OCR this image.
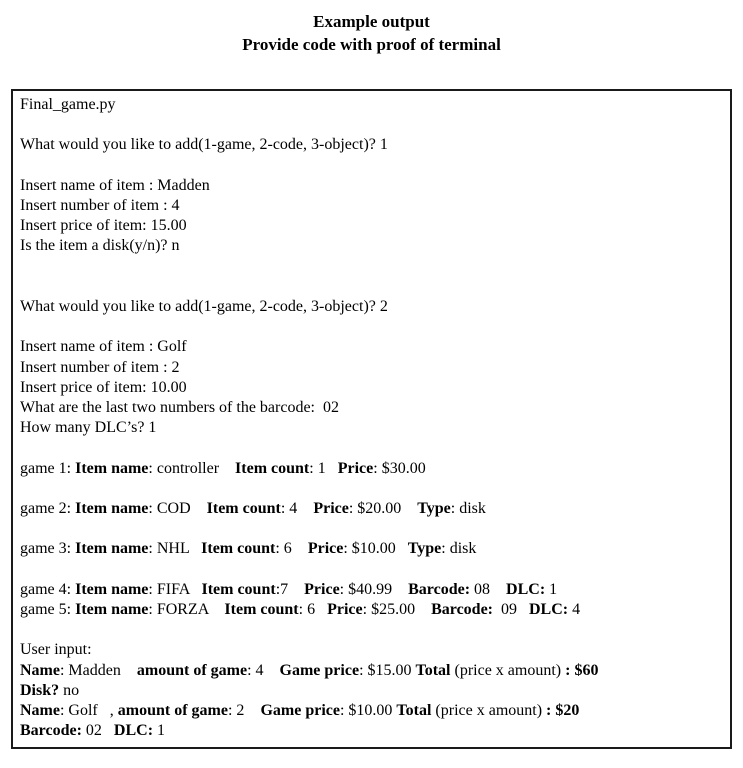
Example output
Provide code with proof of terminal
Final_game.py

What would you like to add(1-game, 2-code, 3-object)? 1

Insert name of item : Madden
Insert number of item : 4
Insert price of item: 15.00
Is the item a disk(y/n)? n

What would you like to add(1-game, 2-code, 3-object)? 2

Insert name of item : Golf
Insert number of item : 2
Insert price of item: 10.00
What are the last two numbers of the barcode:  02
How many DLC’s? 1

game 1: Item name: controller    Item count: 1   Price: $30.00

game 2: Item name: COD    Item count: 4    Price: $20.00    Type: disk

game 3: Item name: NHL   Item count: 6    Price: $10.00   Type: disk

game 4: Item name: FIFA   Item count:7    Price: $40.99    Barcode: 08    DLC: 1
game 5: Item name: FORZA    Item count: 6   Price: $25.00    Barcode:  09   DLC: 4

User input:
Name: Madden    amount of game: 4    Game price: $15.00 Total (price x amount) : $60
Disk? no
Name: Golf   , amount of game: 2    Game price: $10.00 Total (price x amount) : $20
Barcode: 02   DLC: 1
